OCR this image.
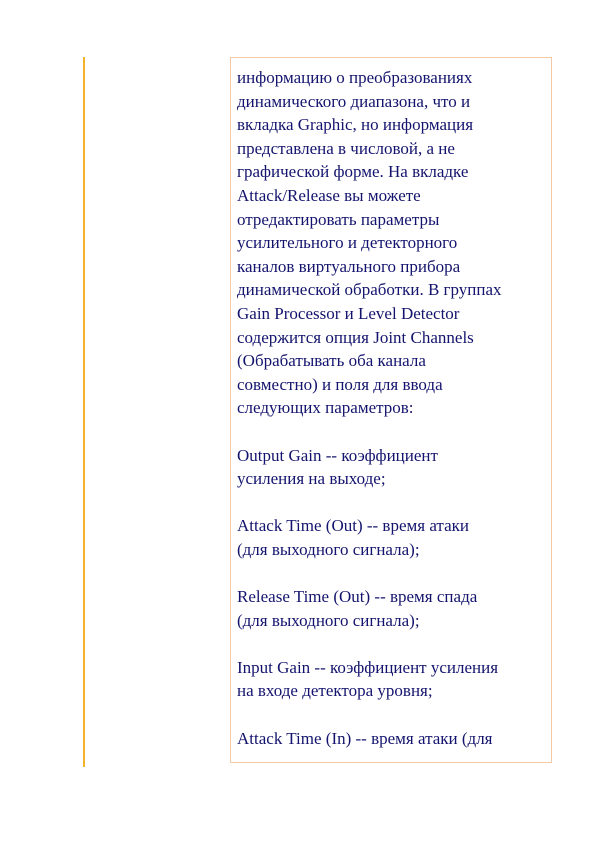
информацию о преобразованиях
динамического диапазона, что и
вкладка Graphic, но информация
представлена в числовой, а не
графической форме. На вкладке
Attack/Release вы можете
отредактировать параметры
усилительного и детекторного
каналов виртуального прибора
динамической обработки. В группах
Gain Processor и Level Detector
содержится опция Joint Channels
(Обрабатывать оба канала
совместно) и поля для ввода
следующих параметров:

Output Gain -- коэффициент
усиления на выходе;

Attack Time (Out) -- время атаки
(для выходного сигнала);

Release Time (Out) -- время спада
(для выходного сигнала);

Input Gain -- коэффициент усиления
на входе детектора уровня;

Attack Time (In) -- время атаки (для
